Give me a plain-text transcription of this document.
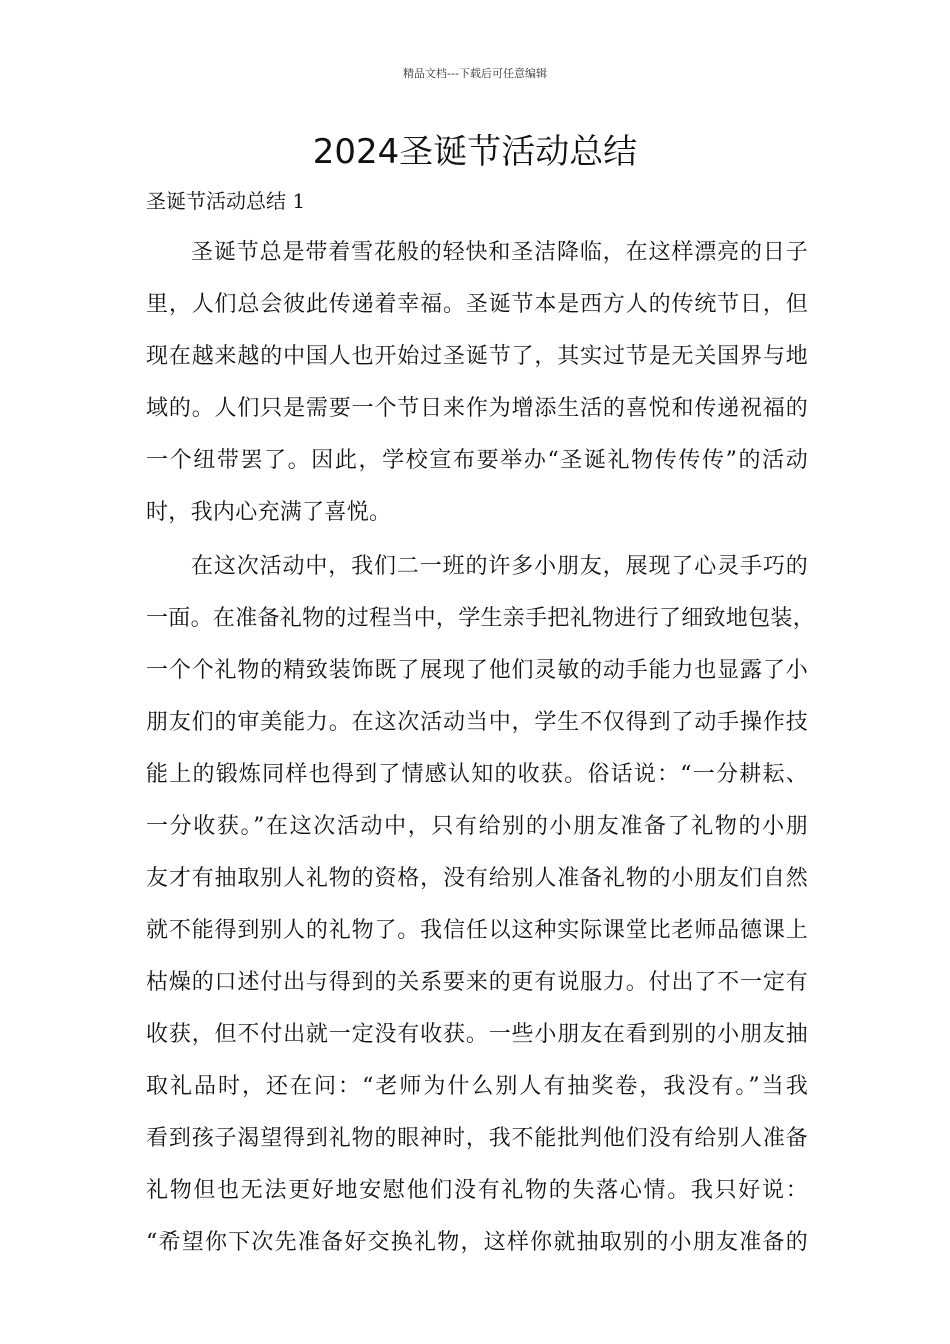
精品文档---下载后可任意编辑
2024圣诞节活动总结
圣诞节活动总结 1
圣诞节总是带着雪花般的轻快和圣洁降临，在这样漂亮的日子
里，人们总会彼此传递着幸福。圣诞节本是西方人的传统节日，但
现在越来越的中国人也开始过圣诞节了，其实过节是无关国界与地
域的。人们只是需要一个节日来作为增添生活的喜悦和传递祝福的
一个纽带罢了。因此，学校宣布要举办“圣诞礼物传传传”的活动
时，我内心充满了喜悦。
在这次活动中，我们二一班的许多小朋友，展现了心灵手巧的
一面。在准备礼物的过程当中，学生亲手把礼物进行了细致地包装，
一个个礼物的精致装饰既了展现了他们灵敏的动手能力也显露了小
朋友们的审美能力。在这次活动当中，学生不仅得到了动手操作技
能上的锻炼同样也得到了情感认知的收获。俗话说：“一分耕耘、
一分收获。”在这次活动中，只有给别的小朋友准备了礼物的小朋
友才有抽取别人礼物的资格，没有给别人准备礼物的小朋友们自然
就不能得到别人的礼物了。我信任以这种实际课堂比老师品德课上
枯燥的口述付出与得到的关系要来的更有说服力。付出了不一定有
收获，但不付出就一定没有收获。一些小朋友在看到别的小朋友抽
取礼品时，还在问：“老师为什么别人有抽奖卷，我没有。”当我
看到孩子渴望得到礼物的眼神时，我不能批判他们没有给别人准备
礼物但也无法更好地安慰他们没有礼物的失落心情。我只好说：
“希望你下次先准备好交换礼物，这样你就抽取别的小朋友准备的
